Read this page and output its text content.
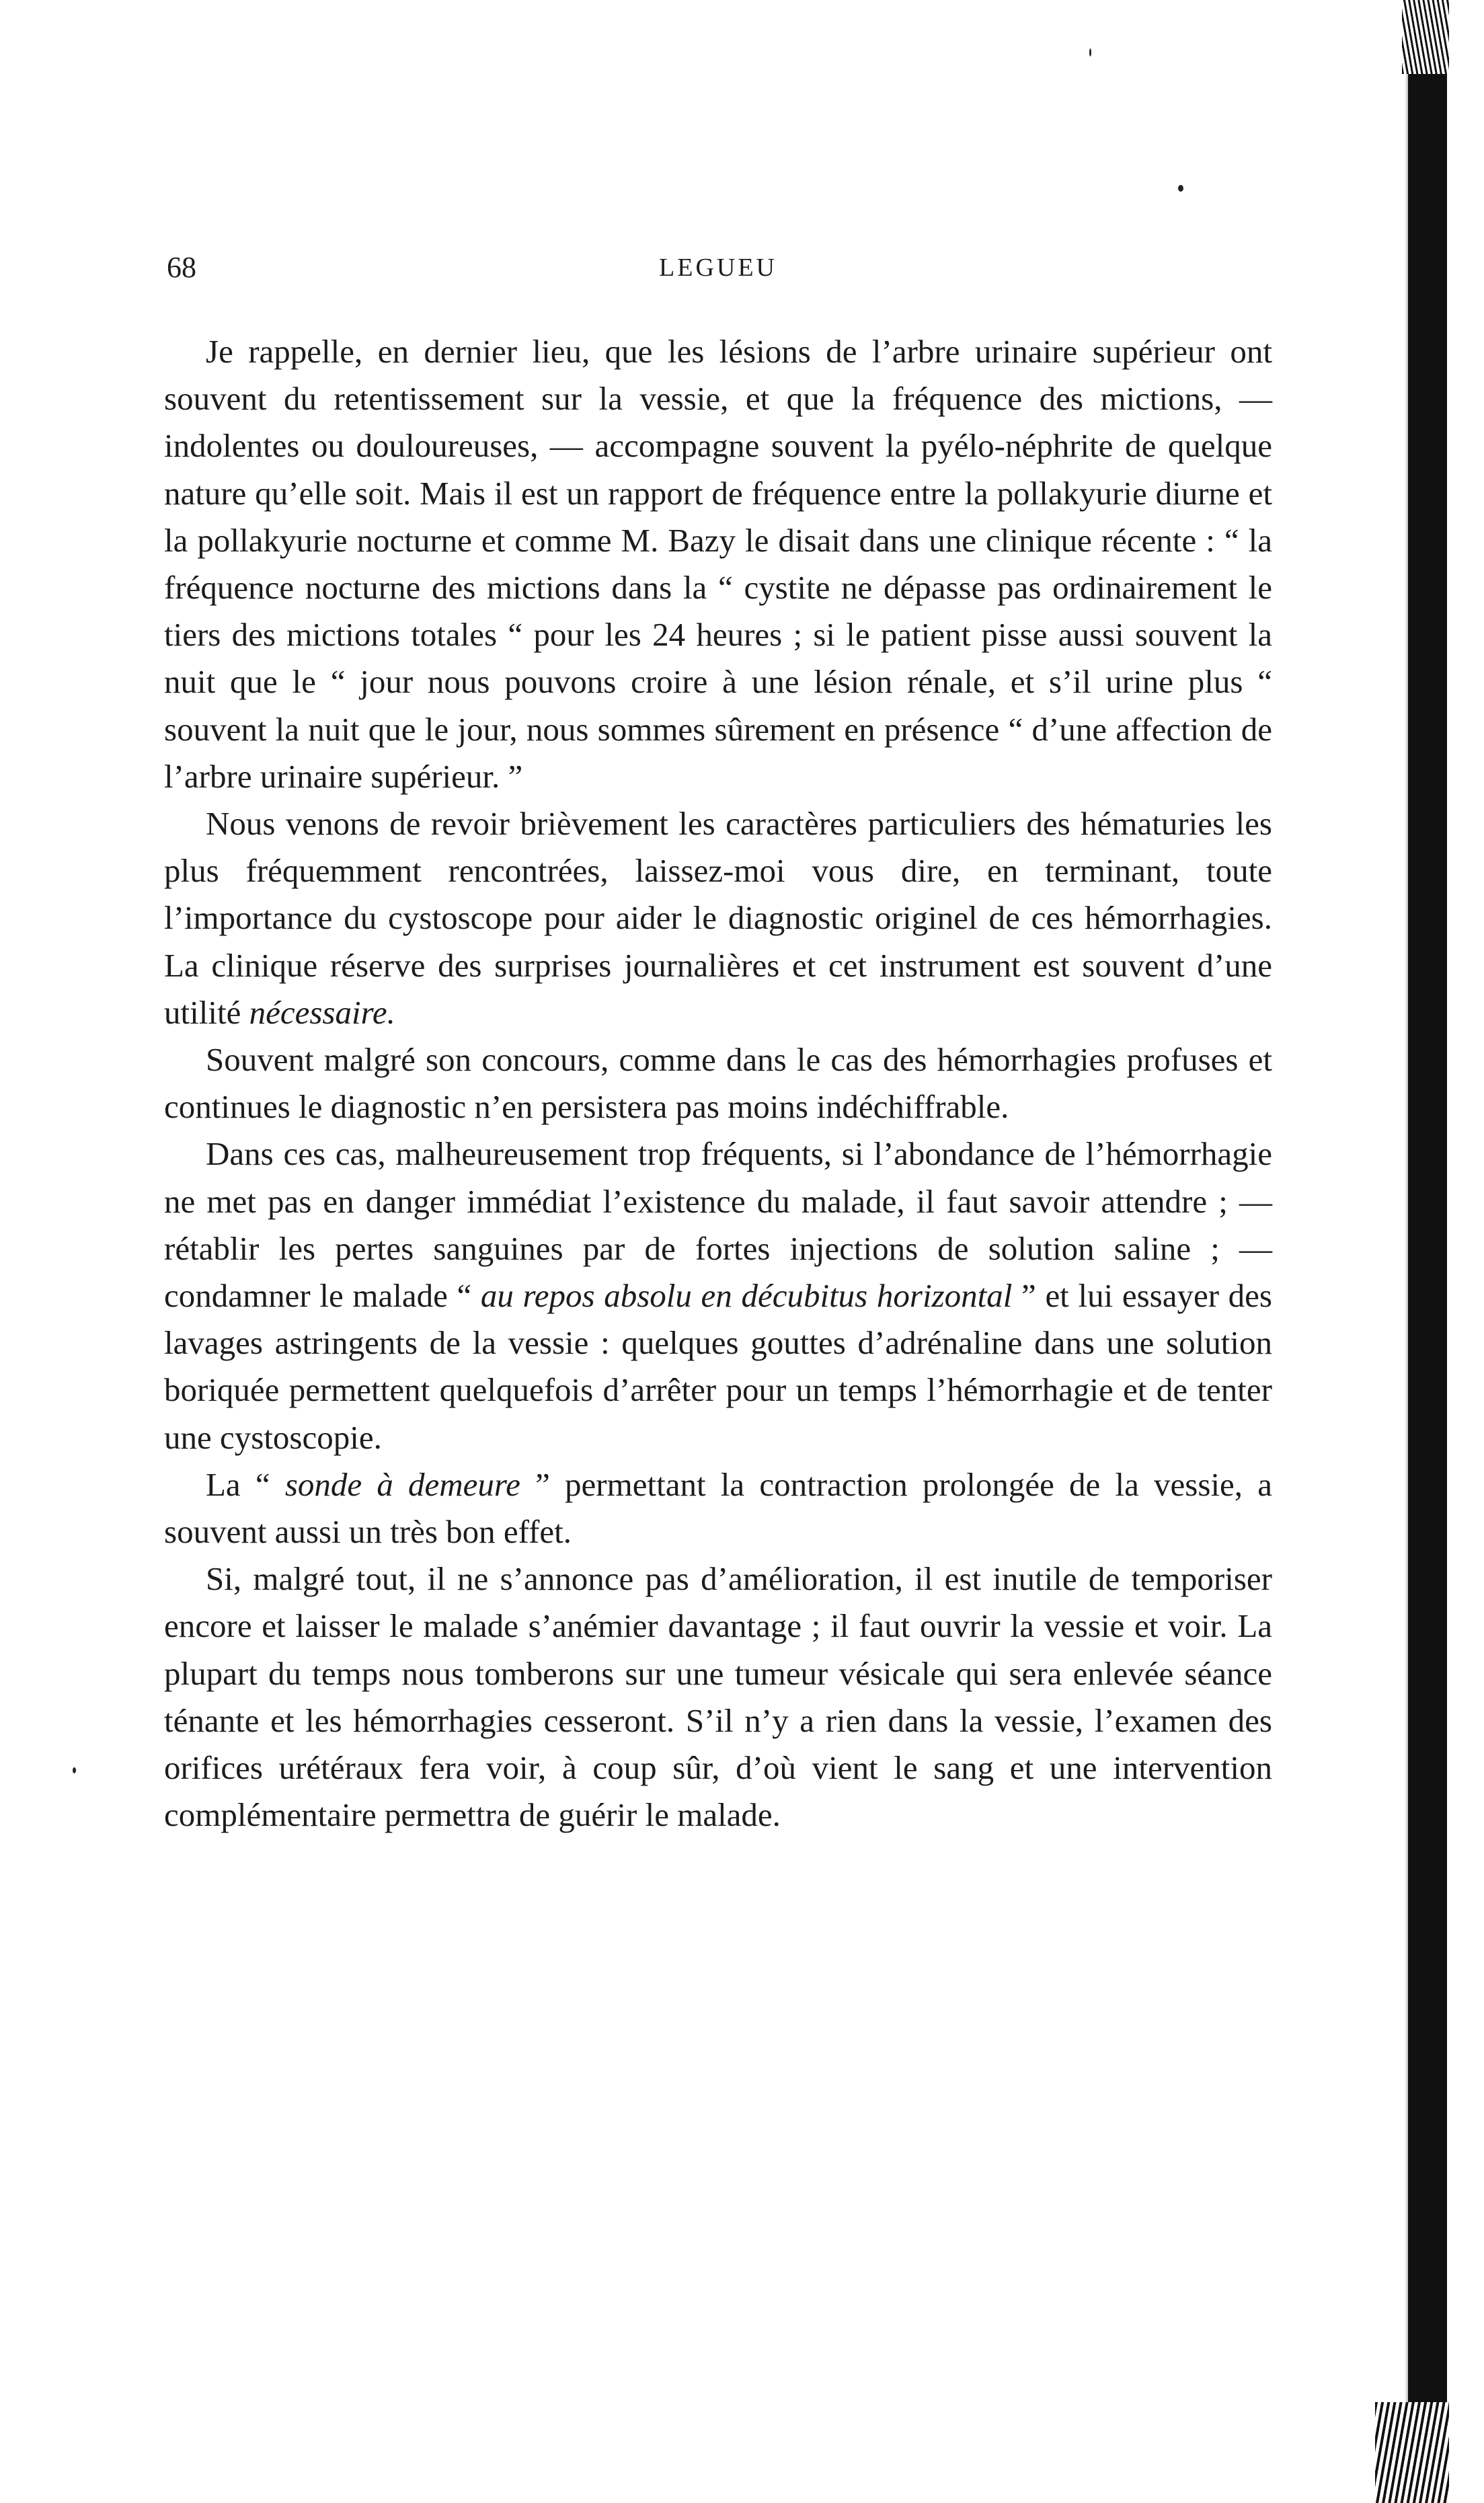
68	LEGUEU

Je rappelle, en dernier lieu, que les lésions de l’arbre urinaire supérieur ont souvent du retentissement sur la vessie, et que la fréquence des mictions, — indolentes ou douloureuses, — accompagne souvent la pyélo-néphrite de quelque nature qu’elle soit. Mais il est un rapport de fréquence entre la pollakyurie diurne et la pollakyurie nocturne et comme M. Bazy le disait dans une clinique récente : “ la fréquence nocturne des mictions dans la “ cystite ne dépasse pas ordinairement le tiers des mictions totales “ pour les 24 heures ; si le patient pisse aussi souvent la nuit que le “ jour nous pouvons croire à une lésion rénale, et s’il urine plus “ souvent la nuit que le jour, nous sommes sûrement en présence “ d’une affection de l’arbre urinaire supérieur. ”

Nous venons de revoir brièvement les caractères particuliers des hématuries les plus fréquemment rencontrées, laissez-moi vous dire, en terminant, toute l’importance du cystoscope pour aider le diagnostic originel de ces hémorrhagies. La clinique réserve des surprises journalières et cet instrument est souvent d’une utilité nécessaire.

Souvent malgré son concours, comme dans le cas des hémorrhagies profuses et continues le diagnostic n’en persistera pas moins indéchiffrable.

Dans ces cas, malheureusement trop fréquents, si l’abondance de l’hémorrhagie ne met pas en danger immédiat l’existence du malade, il faut savoir attendre ; — rétablir les pertes sanguines par de fortes injections de solution saline ; — condamner le malade “ au repos absolu en décubitus horizontal ” et lui essayer des lavages astringents de la vessie : quelques gouttes d’adrénaline dans une solution boriquée permettent quelquefois d’arrêter pour un temps l’hémorrhagie et de tenter une cystoscopie.

La “ sonde à demeure ” permettant la contraction prolongée de la vessie, a souvent aussi un très bon effet.

Si, malgré tout, il ne s’annonce pas d’amélioration, il est inutile de temporiser encore et laisser le malade s’anémier davantage ; il faut ouvrir la vessie et voir. La plupart du temps nous tomberons sur une tumeur vésicale qui sera enlevée séance ténante et les hémorrhagies cesseront. S’il n’y a rien dans la vessie, l’examen des orifices urétéraux fera voir, à coup sûr, d’où vient le sang et une intervention complémentaire permettra de guérir le malade.
